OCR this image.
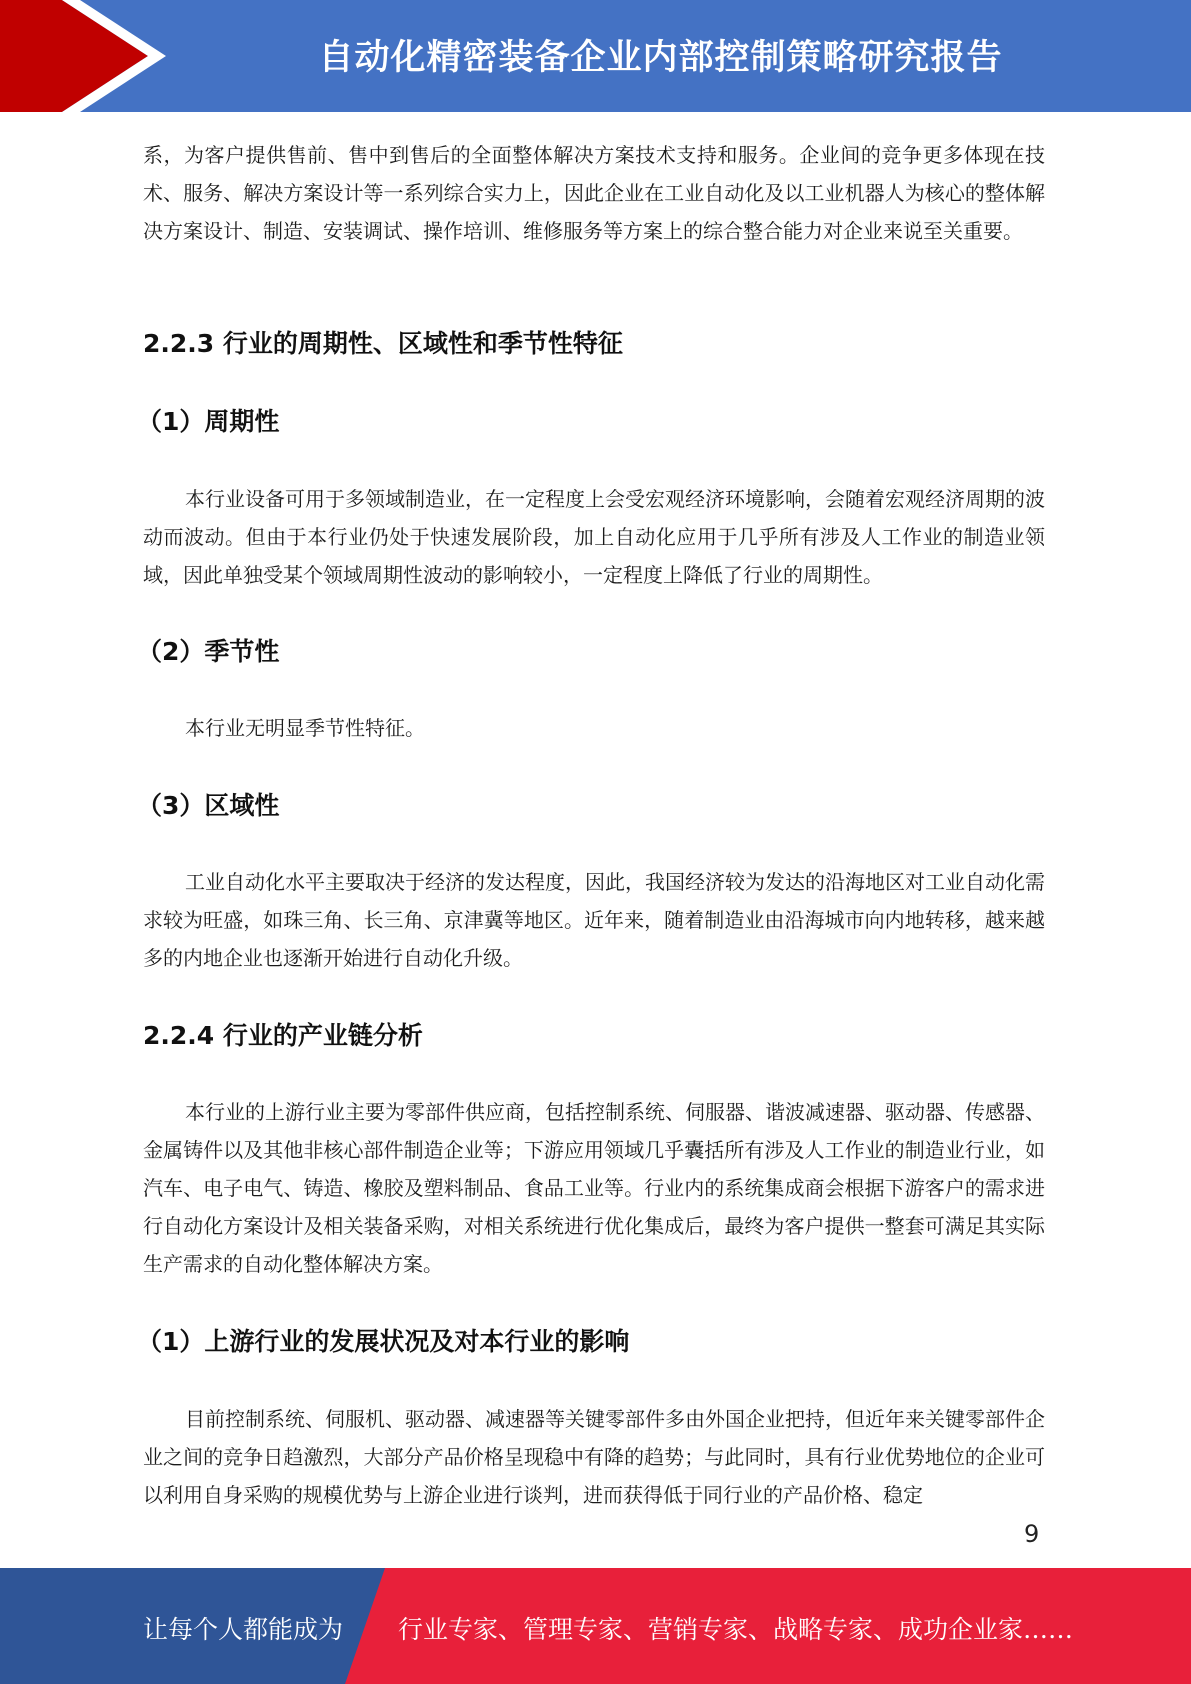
自动化精密装备企业内部控制策略研究报告

系，为客户提供售前、售中到售后的全面整体解决方案技术支持和服务。企业间的竞争更多体现在技术、服务、解决方案设计等一系列综合实力上，因此企业在工业自动化及以工业机器人为核心的整体解决方案设计、制造、安装调试、操作培训、维修服务等方案上的综合整合能力对企业来说至关重要。

2.2.3 行业的周期性、区域性和季节性特征
（1）周期性

本行业设备可用于多领域制造业，在一定程度上会受宏观经济环境影响，会随着宏观经济周期的波动而波动。但由于本行业仍处于快速发展阶段，加上自动化应用于几乎所有涉及人工作业的制造业领域，因此单独受某个领域周期性波动的影响较小，一定程度上降低了行业的周期性。

（2）季节性

本行业无明显季节性特征。

（3）区域性

工业自动化水平主要取决于经济的发达程度，因此，我国经济较为发达的沿海地区对工业自动化需求较为旺盛，如珠三角、长三角、京津冀等地区。近年来，随着制造业由沿海城市向内地转移，越来越多的内地企业也逐渐开始进行自动化升级。

2.2.4 行业的产业链分析

本行业的上游行业主要为零部件供应商，包括控制系统、伺服器、谐波减速器、驱动器、传感器、金属铸件以及其他非核心部件制造企业等；下游应用领域几乎囊括所有涉及人工作业的制造业行业，如汽车、电子电气、铸造、橡胶及塑料制品、食品工业等。行业内的系统集成商会根据下游客户的需求进行自动化方案设计及相关装备采购，对相关系统进行优化集成后，最终为客户提供一整套可满足其实际生产需求的自动化整体解决方案。

（1）上游行业的发展状况及对本行业的影响

目前控制系统、伺服机、驱动器、减速器等关键零部件多由外国企业把持，但近年来关键零部件企业之间的竞争日趋激烈，大部分产品价格呈现稳中有降的趋势；与此同时，具有行业优势地位的企业可以利用自身采购的规模优势与上游企业进行谈判，进而获得低于同行业的产品价格、稳定

9
让每个人都能成为 行业专家、管理专家、营销专家、战略专家、成功企业家……
